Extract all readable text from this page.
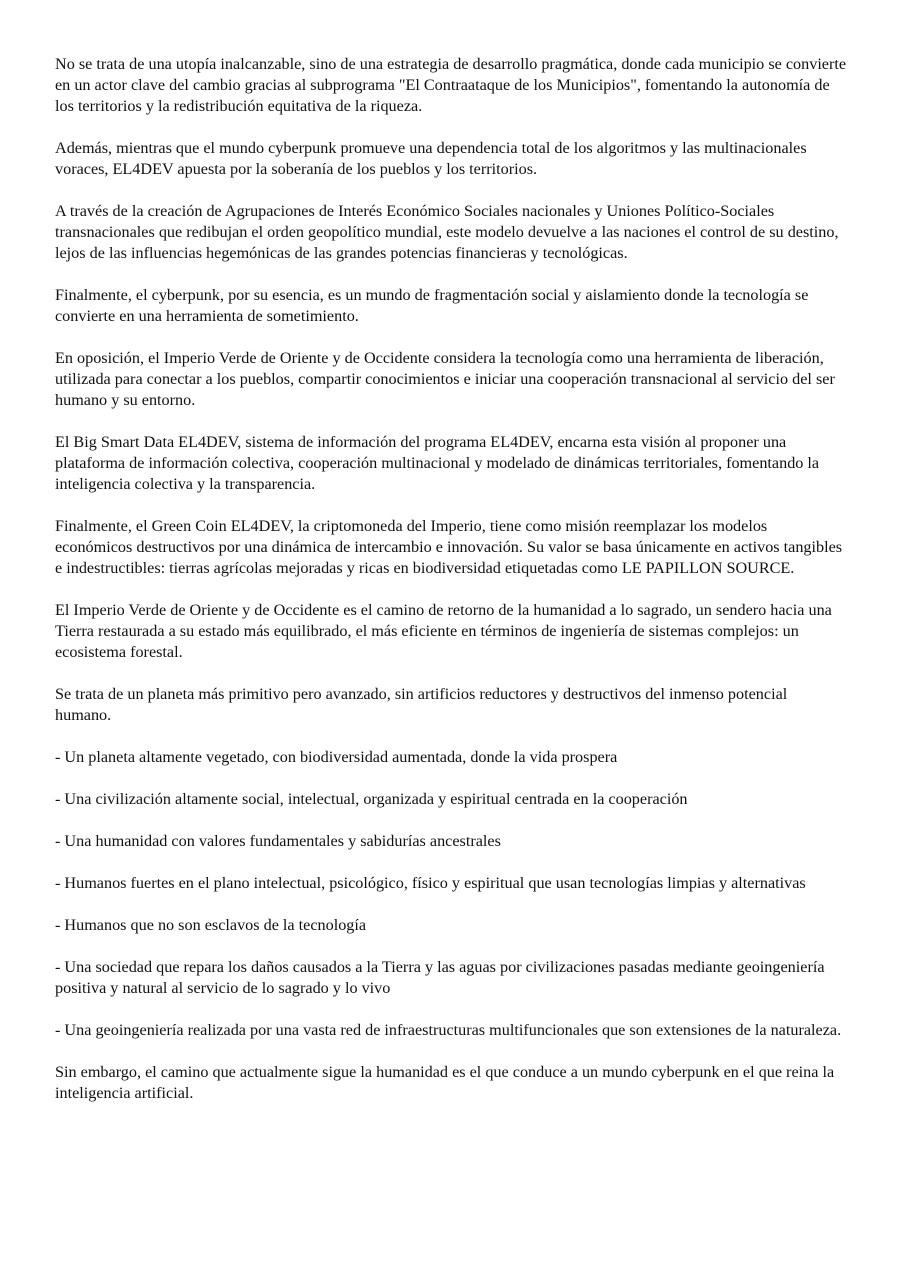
No se trata de una utopía inalcanzable, sino de una estrategia de desarrollo pragmática, donde cada municipio se convierte en un actor clave del cambio gracias al subprograma "El Contraataque de los Municipios", fomentando la autonomía de los territorios y la redistribución equitativa de la riqueza.

Además, mientras que el mundo cyberpunk promueve una dependencia total de los algoritmos y las multinacionales voraces, EL4DEV apuesta por la soberanía de los pueblos y los territorios.

A través de la creación de Agrupaciones de Interés Económico Sociales nacionales y Uniones Político-Sociales transnacionales que redibujan el orden geopolítico mundial, este modelo devuelve a las naciones el control de su destino, lejos de las influencias hegemónicas de las grandes potencias financieras y tecnológicas.

Finalmente, el cyberpunk, por su esencia, es un mundo de fragmentación social y aislamiento donde la tecnología se convierte en una herramienta de sometimiento.

En oposición, el Imperio Verde de Oriente y de Occidente considera la tecnología como una herramienta de liberación, utilizada para conectar a los pueblos, compartir conocimientos e iniciar una cooperación transnacional al servicio del ser humano y su entorno.

El Big Smart Data EL4DEV, sistema de información del programa EL4DEV, encarna esta visión al proponer una plataforma de información colectiva, cooperación multinacional y modelado de dinámicas territoriales, fomentando la inteligencia colectiva y la transparencia.

Finalmente, el Green Coin EL4DEV, la criptomoneda del Imperio, tiene como misión reemplazar los modelos económicos destructivos por una dinámica de intercambio e innovación. Su valor se basa únicamente en activos tangibles e indestructibles: tierras agrícolas mejoradas y ricas en biodiversidad etiquetadas como LE PAPILLON SOURCE.

El Imperio Verde de Oriente y de Occidente es el camino de retorno de la humanidad a lo sagrado, un sendero hacia una Tierra restaurada a su estado más equilibrado, el más eficiente en términos de ingeniería de sistemas complejos: un ecosistema forestal.

Se trata de un planeta más primitivo pero avanzado, sin artificios reductores y destructivos del inmenso potencial humano.

- Un planeta altamente vegetado, con biodiversidad aumentada, donde la vida prospera

- Una civilización altamente social, intelectual, organizada y espiritual centrada en la cooperación

- Una humanidad con valores fundamentales y sabidurías ancestrales

- Humanos fuertes en el plano intelectual, psicológico, físico y espiritual que usan tecnologías limpias y alternativas

- Humanos que no son esclavos de la tecnología

- Una sociedad que repara los daños causados a la Tierra y las aguas por civilizaciones pasadas mediante geoingeniería positiva y natural al servicio de lo sagrado y lo vivo

- Una geoingeniería realizada por una vasta red de infraestructuras multifuncionales que son extensiones de la naturaleza.

Sin embargo, el camino que actualmente sigue la humanidad es el que conduce a un mundo cyberpunk en el que reina la inteligencia artificial.
